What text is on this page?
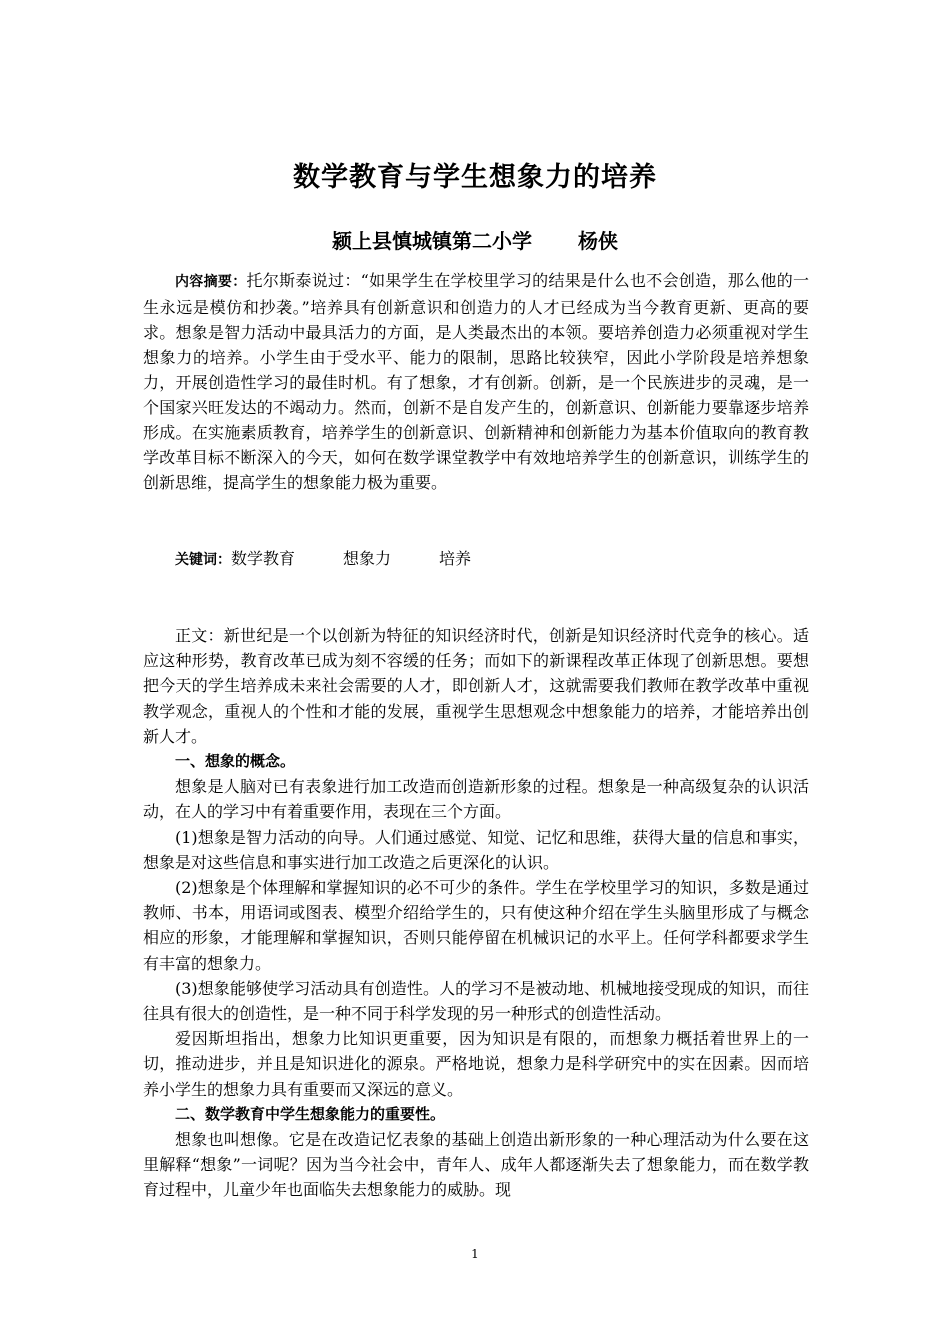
数学教育与学生想象力的培养
颍上县慎城镇第二小学 杨侠
内容摘要：托尔斯泰说过：“如果学生在学校里学习的结果是什么也不会创造，那么他的一生永远是模仿和抄袭。”培养具有创新意识和创造力的人才已经成为当今教育更新、更高的要求。想象是智力活动中最具活力的方面，是人类最杰出的本领。要培养创造力必须重视对学生想象力的培养。小学生由于受水平、能力的限制，思路比较狭窄，因此小学阶段是培养想象力，开展创造性学习的最佳时机。有了想象，才有创新。创新，是一个民族进步的灵魂，是一个国家兴旺发达的不竭动力。然而，创新不是自发产生的，创新意识、创新能力要靠逐步培养形成。在实施素质教育，培养学生的创新意识、创新精神和创新能力为基本价值取向的教育教学改革目标不断深入的今天，如何在数学课堂教学中有效地培养学生的创新意识，训练学生的创新思维，提高学生的想象能力极为重要。
关键词：数学教育	想象力	培养

正文：新世纪是一个以创新为特征的知识经济时代，创新是知识经济时代竞争的核心。适应这种形势，教育改革已成为刻不容缓的任务；而如下的新课程改革正体现了创新思想。要想把今天的学生培养成未来社会需要的人才，即创新人才，这就需要我们教师在教学改革中重视教学观念，重视人的个性和才能的发展，重视学生思想观念中想象能力的培养，才能培养出创新人才。

一、想象的概念。

想象是人脑对已有表象进行加工改造而创造新形象的过程。想象是一种高级复杂的认识活动，在人的学习中有着重要作用，表现在三个方面。

(1)想象是智力活动的向导。人们通过感觉、知觉、记忆和思维，获得大量的信息和事实，想象是对这些信息和事实进行加工改造之后更深化的认识。

(2)想象是个体理解和掌握知识的必不可少的条件。学生在学校里学习的知识，多数是通过教师、书本，用语词或图表、模型介绍给学生的，只有使这种介绍在学生头脑里形成了与概念相应的形象，才能理解和掌握知识，否则只能停留在机械识记的水平上。任何学科都要求学生有丰富的想象力。

(3)想象能够使学习活动具有创造性。人的学习不是被动地、机械地接受现成的知识，而往往具有很大的创造性，是一种不同于科学发现的另一种形式的创造性活动。

爱因斯坦指出，想象力比知识更重要，因为知识是有限的，而想象力概括着世界上的一切，推动进步，并且是知识进化的源泉。严格地说，想象力是科学研究中的实在因素。因而培养小学生的想象力具有重要而又深远的意义。

二、数学教育中学生想象能力的重要性。

想象也叫想像。它是在改造记忆表象的基础上创造出新形象的一种心理活动为什么要在这里解释“想象”一词呢？因为当今社会中，青年人、成年人都逐渐失去了想象能力，而在数学教育过程中，儿童少年也面临失去想象能力的威胁。现

1
